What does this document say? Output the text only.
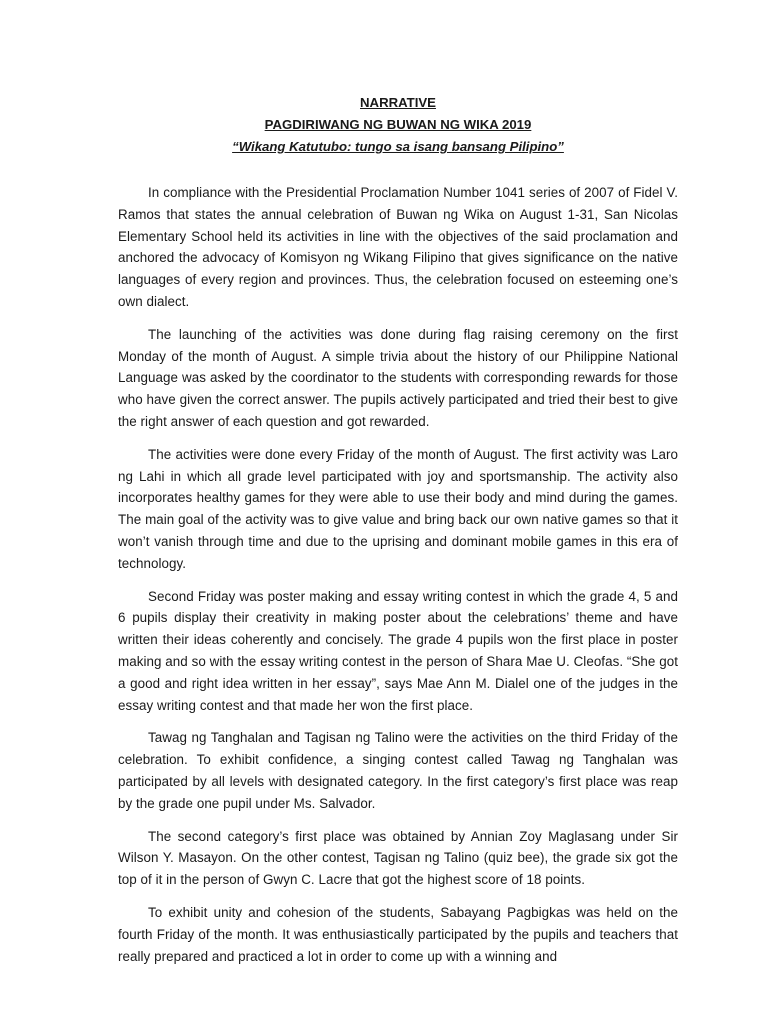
NARRATIVE

PAGDIRIWANG NG BUWAN NG WIKA 2019

“Wikang Katutubo: tungo sa isang bansang Pilipino”

In compliance with the Presidential Proclamation Number 1041 series of 2007 of Fidel V. Ramos that states the annual celebration of Buwan ng Wika on August 1-31, San Nicolas Elementary School held its activities in line with the objectives of the said proclamation and anchored the advocacy of Komisyon ng Wikang Filipino that gives significance on the native languages of every region and provinces. Thus, the celebration focused on esteeming one’s own dialect.

The launching of the activities was done during flag raising ceremony on the first Monday of the month of August. A simple trivia about the history of our Philippine National Language was asked by the coordinator to the students with corresponding rewards for those who have given the correct answer. The pupils actively participated and tried their best to give the right answer of each question and got rewarded.

The activities were done every Friday of the month of August. The first activity was Laro ng Lahi in which all grade level participated with joy and sportsmanship. The activity also incorporates healthy games for they were able to use their body and mind during the games. The main goal of the activity was to give value and bring back our own native games so that it won’t vanish through time and due to the uprising and dominant mobile games in this era of technology.

Second Friday was poster making and essay writing contest in which the grade 4, 5 and 6 pupils display their creativity in making poster about the celebrations’ theme and have written their ideas coherently and concisely. The grade 4 pupils won the first place in poster making and so with the essay writing contest in the person of Shara Mae U. Cleofas. “She got a good and right idea written in her essay”, says Mae Ann M. Dialel one of the judges in the essay writing contest and that made her won the first place.

Tawag ng Tanghalan and Tagisan ng Talino were the activities on the third Friday of the celebration. To exhibit confidence, a singing contest called Tawag ng Tanghalan was participated by all levels with designated category. In the first category’s first place was reap by the grade one pupil under Ms. Salvador.

The second category’s first place was obtained by Annian Zoy Maglasang under Sir Wilson Y. Masayon. On the other contest, Tagisan ng Talino (quiz bee), the grade six got the top of it in the person of Gwyn C. Lacre that got the highest score of 18 points.

To exhibit unity and cohesion of the students, Sabayang Pagbigkas was held on the fourth Friday of the month. It was enthusiastically participated by the pupils and teachers that really prepared and practiced a lot in order to come up with a winning and
